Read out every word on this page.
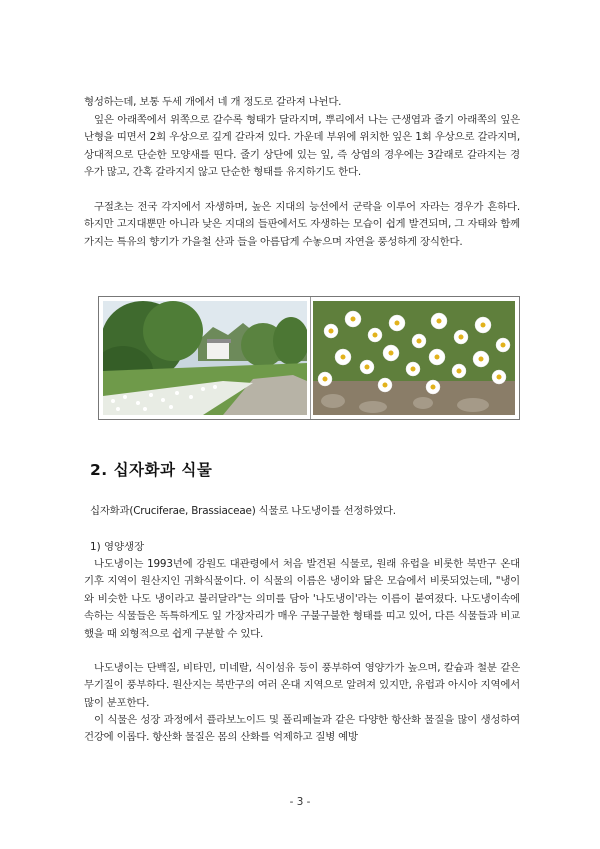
형성하는데, 보통 두세 개에서 네 개 정도로 갈라져 나뉜다.

잎은 아래쪽에서 위쪽으로 갈수록 형태가 달라지며, 뿌리에서 나는 근생엽과 줄기 아래쪽의 잎은 난형을 띠면서 2회 우상으로 깊게 갈라져 있다. 가운데 부위에 위치한 잎은 1회 우상으로 갈라지며, 상대적으로 단순한 모양새를 띤다. 줄기 상단에 있는 잎, 즉 상엽의 경우에는 3갈래로 갈라지는 경우가 많고, 간혹 갈라지지 않고 단순한 형태를 유지하기도 한다.

구절초는 전국 각지에서 자생하며, 높은 지대의 능선에서 군락을 이루어 자라는 경우가 흔하다. 하지만 고지대뿐만 아니라 낮은 지대의 들판에서도 자생하는 모습이 쉽게 발견되며, 그 자태와 함께 가지는 특유의 향기가 가을철 산과 들을 아름답게 수놓으며 자연을 풍성하게 장식한다.

2. 십자화과 식물

십자화과(Cruciferae, Brassiaceae) 식물로 나도냉이를 선정하였다.

1) 영양생장

나도냉이는 1993년에 강원도 대관령에서 처음 발견된 식물로, 원래 유럽을 비롯한 북반구 온대 기후 지역이 원산지인 귀화식물이다. 이 식물의 이름은 냉이와 닮은 모습에서 비롯되었는데, "냉이와 비슷한 나도 냉이라고 불러달라"는 의미를 담아 '나도냉이'라는 이름이 붙여졌다. 나도냉이속에 속하는 식물들은 독특하게도 잎 가장자리가 매우 구불구불한 형태를 띠고 있어, 다른 식물들과 비교했을 때 외형적으로 쉽게 구분할 수 있다.

나도냉이는 단백질, 비타민, 미네랄, 식이섬유 등이 풍부하여 영양가가 높으며, 칼슘과 철분 같은 무기질이 풍부하다. 원산지는 북반구의 여러 온대 지역으로 알려져 있지만, 유럽과 아시아 지역에서 많이 분포한다.

이 식물은 성장 과정에서 플라보노이드 및 폴리페놀과 같은 다양한 항산화 물질을 많이 생성하여 건강에 이롭다. 항산화 물질은 몸의 산화를 억제하고 질병 예방

- 3 -
